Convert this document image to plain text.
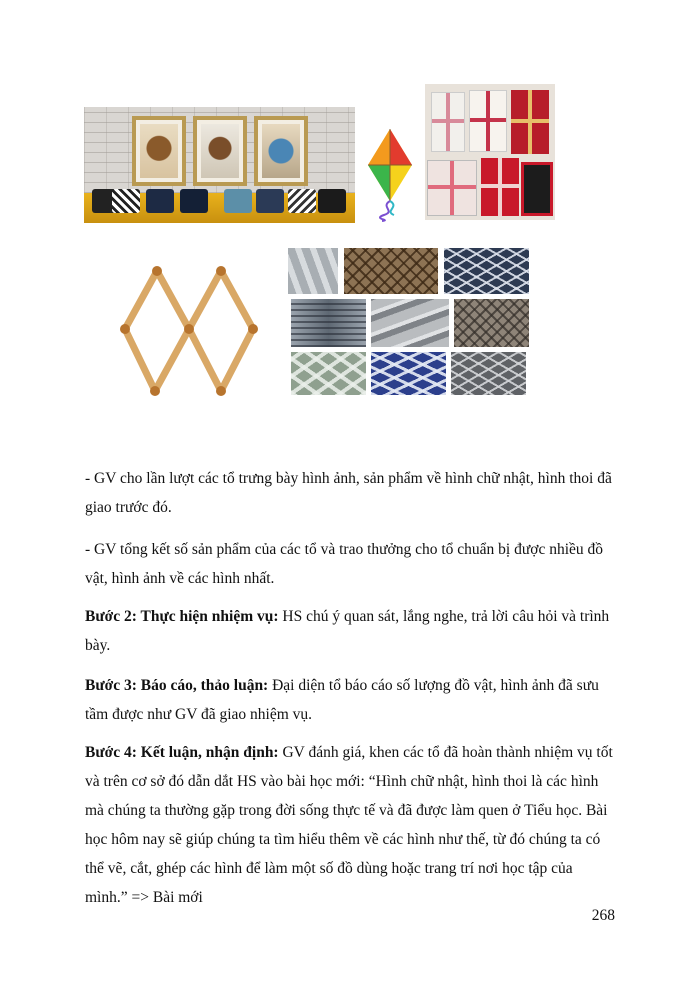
- GV cho lần lượt các tổ trưng bày hình ảnh, sản phẩm về hình chữ nhật, hình thoi đã giao trước đó.
- GV tổng kết số sản phẩm của các tổ và trao thưởng cho tổ chuẩn bị được nhiều đồ vật, hình ảnh về các hình nhất.
Bước 2: Thực hiện nhiệm vụ: HS chú ý quan sát, lắng nghe, trả lời câu hỏi và trình bày.
Bước 3: Báo cáo, thảo luận: Đại diện tổ báo cáo số lượng đồ vật, hình ảnh đã sưu tầm được như GV đã giao nhiệm vụ.
Bước 4: Kết luận, nhận định: GV đánh giá, khen các tổ đã hoàn thành nhiệm vụ tốt và trên cơ sở đó dẫn dắt HS vào bài học mới: “Hình chữ nhật, hình thoi là các hình mà chúng ta thường gặp trong đời sống thực tế và đã được làm quen ở Tiểu học. Bài học hôm nay sẽ giúp chúng ta tìm hiểu thêm về các hình như thế, từ đó chúng ta có thể vẽ, cắt, ghép các hình để làm một số đồ dùng hoặc trang trí nơi học tập của mình.” => Bài mới
268
